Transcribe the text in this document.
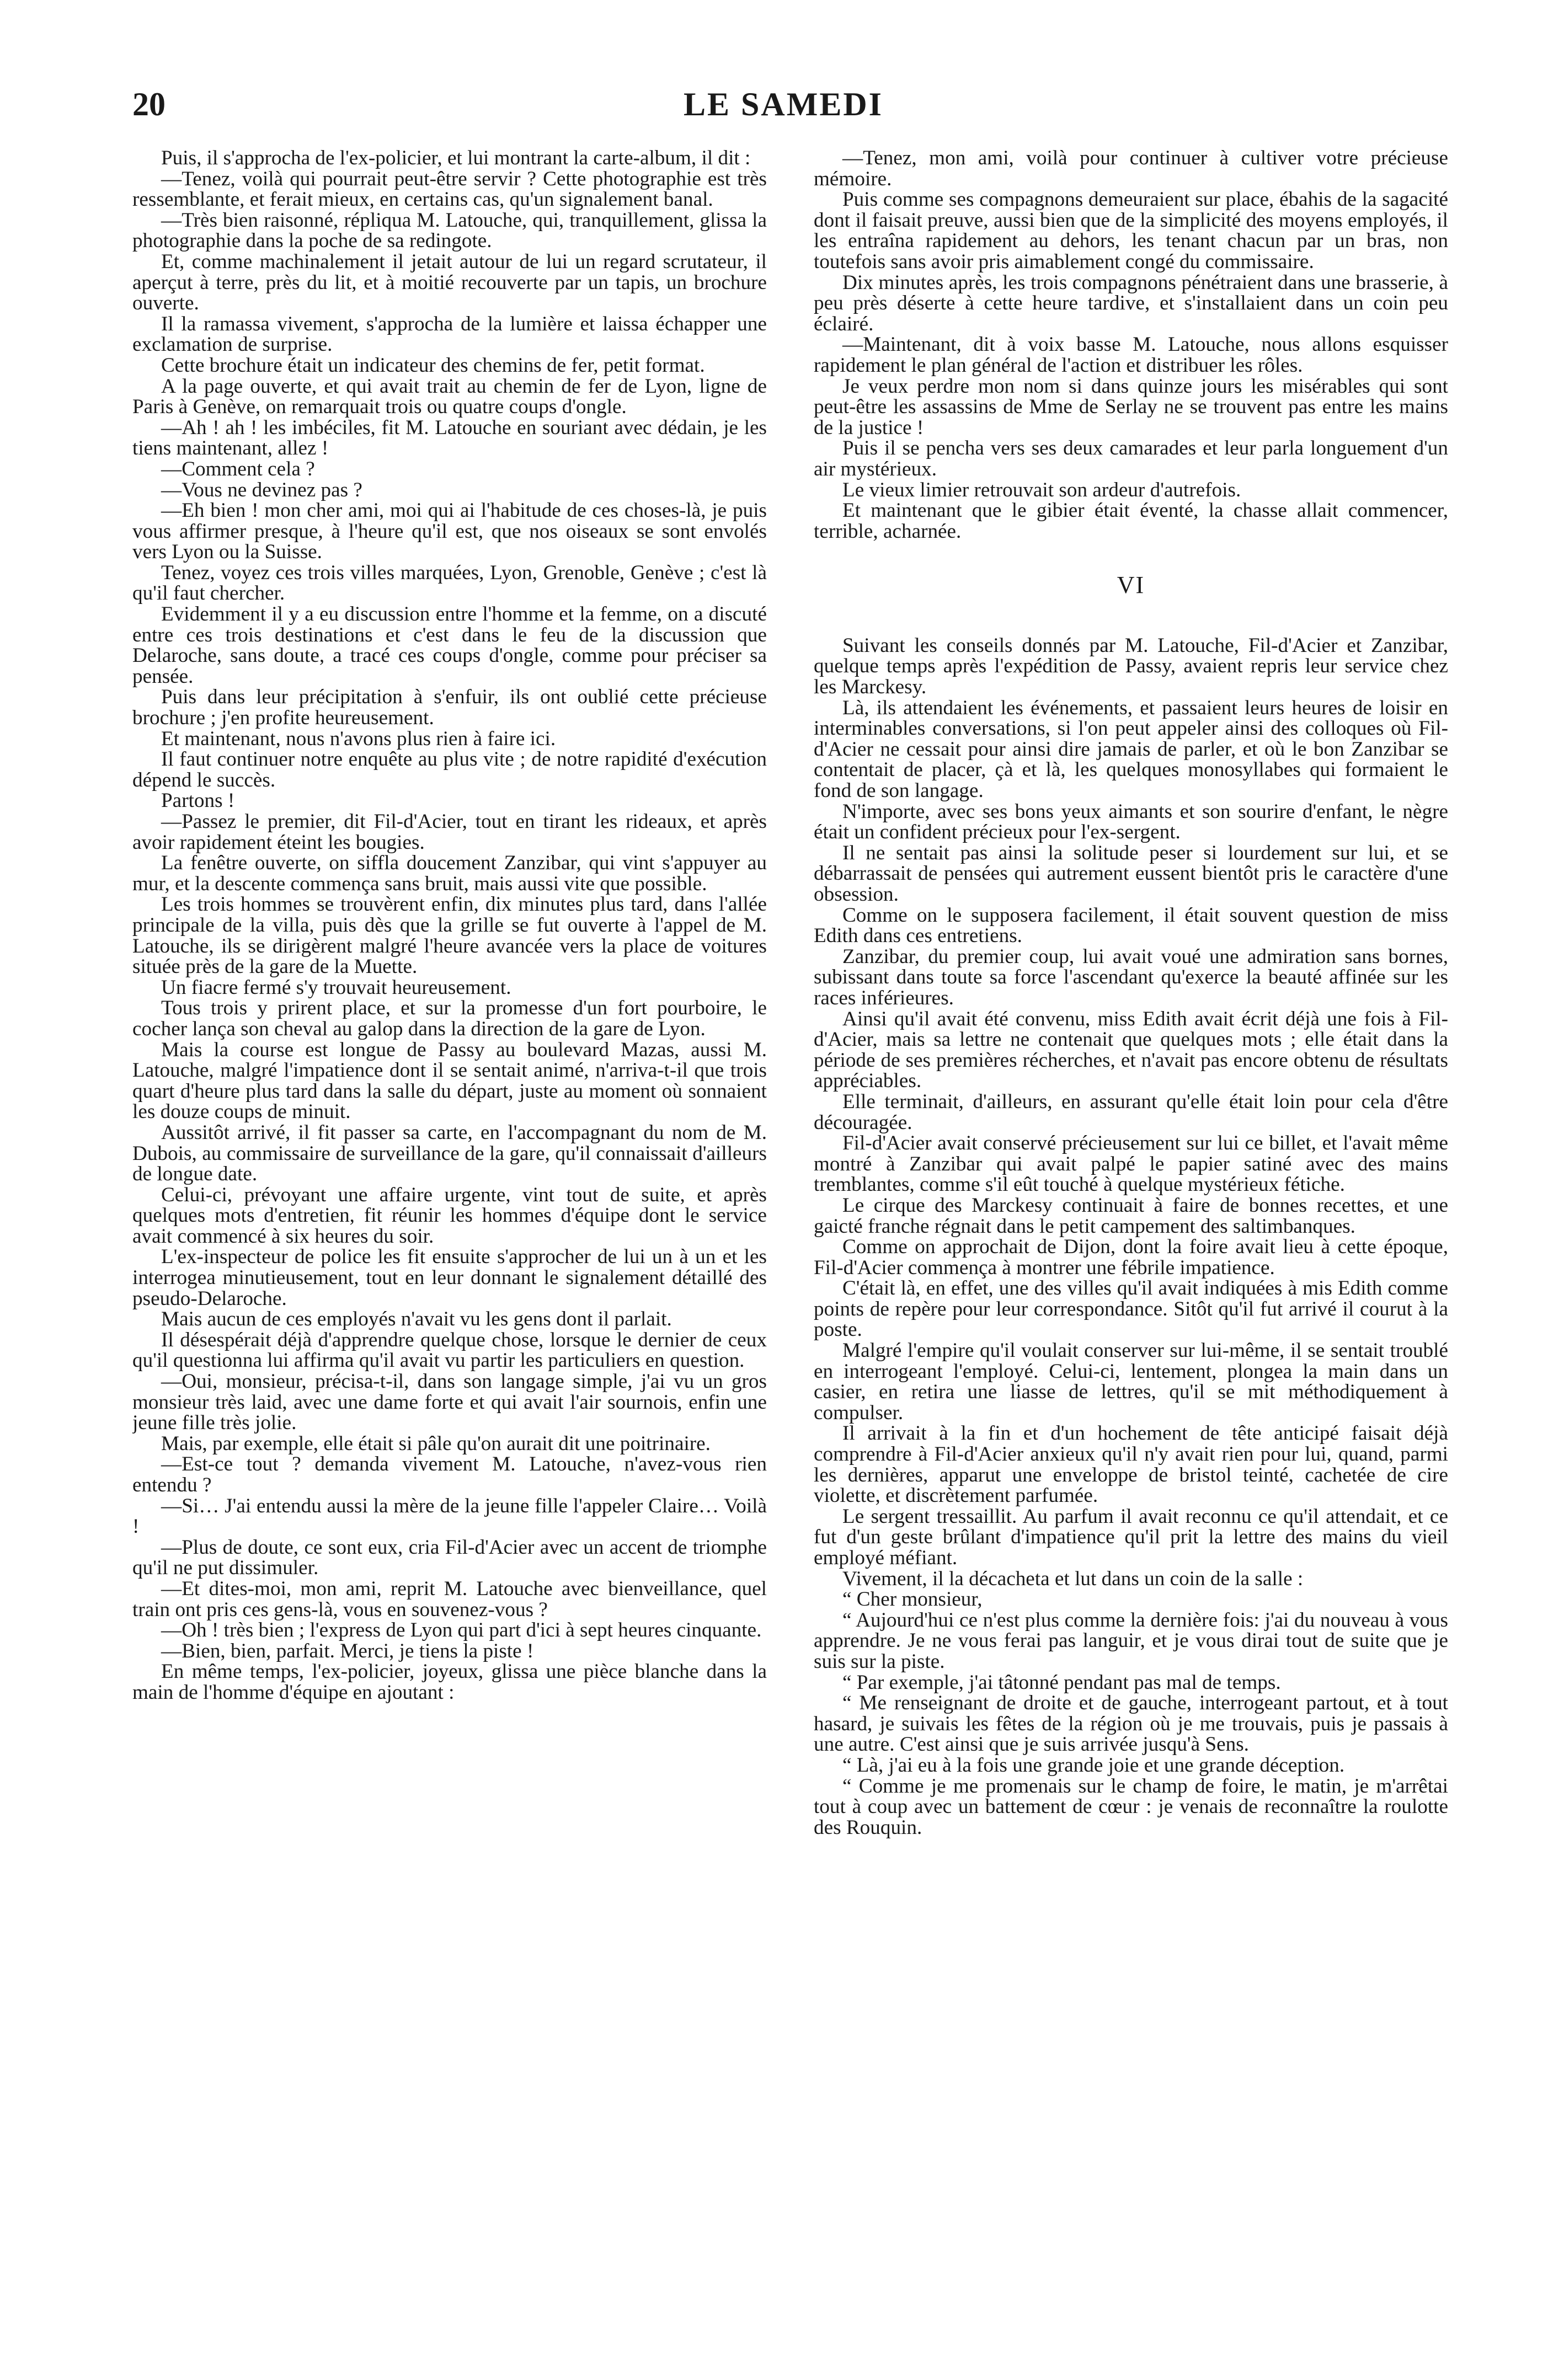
20	LE SAMEDI

Puis, il s'approcha de l'ex-policier, et lui montrant la carte-album, il dit :

—Tenez, voilà qui pourrait peut-être servir ? Cette photographie est très ressemblante, et ferait mieux, en certains cas, qu'un signalement banal.

—Très bien raisonné, répliqua M. Latouche, qui, tranquillement, glissa la photographie dans la poche de sa redingote.

Et, comme machinalement il jetait autour de lui un regard scrutateur, il aperçut à terre, près du lit, et à moitié recouverte par un tapis, un brochure ouverte.

Il la ramassa vivement, s'approcha de la lumière et laissa échapper une exclamation de surprise.

Cette brochure était un indicateur des chemins de fer, petit format.

A la page ouverte, et qui avait trait au chemin de fer de Lyon, ligne de Paris à Genève, on remarquait trois ou quatre coups d'ongle.

—Ah ! ah ! les imbéciles, fit M. Latouche en souriant avec dédain, je les tiens maintenant, allez !

—Comment cela ?

—Vous ne devinez pas ?

—Eh bien ! mon cher ami, moi qui ai l'habitude de ces choses-là, je puis vous affirmer presque, à l'heure qu'il est, que nos oiseaux se sont envolés vers Lyon ou la Suisse.

Tenez, voyez ces trois villes marquées, Lyon, Grenoble, Genève ; c'est là qu'il faut chercher.

Evidemment il y a eu discussion entre l'homme et la femme, on a discuté entre ces trois destinations et c'est dans le feu de la discussion que Delaroche, sans doute, a tracé ces coups d'ongle, comme pour préciser sa pensée.

Puis dans leur précipitation à s'enfuir, ils ont oublié cette précieuse brochure ; j'en profite heureusement.

Et maintenant, nous n'avons plus rien à faire ici.

Il faut continuer notre enquête au plus vite ; de notre rapidité d'exécution dépend le succès.

Partons !

—Passez le premier, dit Fil-d'Acier, tout en tirant les rideaux, et après avoir rapidement éteint les bougies.

La fenêtre ouverte, on siffla doucement Zanzibar, qui vint s'appuyer au mur, et la descente commença sans bruit, mais aussi vite que possible.

Les trois hommes se trouvèrent enfin, dix minutes plus tard, dans l'allée principale de la villa, puis dès que la grille se fut ouverte à l'appel de M. Latouche, ils se dirigèrent malgré l'heure avancée vers la place de voitures située près de la gare de la Muette.

Un fiacre fermé s'y trouvait heureusement.

Tous trois y prirent place, et sur la promesse d'un fort pourboire, le cocher lança son cheval au galop dans la direction de la gare de Lyon.

Mais la course est longue de Passy au boulevard Mazas, aussi M. Latouche, malgré l'impatience dont il se sentait animé, n'arriva-t-il que trois quart d'heure plus tard dans la salle du départ, juste au moment où sonnaient les douze coups de minuit.

Aussitôt arrivé, il fit passer sa carte, en l'accompagnant du nom de M. Dubois, au commissaire de surveillance de la gare, qu'il connaissait d'ailleurs de longue date.

Celui-ci, prévoyant une affaire urgente, vint tout de suite, et après quelques mots d'entretien, fit réunir les hommes d'équipe dont le service avait commencé à six heures du soir.

L'ex-inspecteur de police les fit ensuite s'approcher de lui un à un et les interrogea minutieusement, tout en leur donnant le signalement détaillé des pseudo-Delaroche.

Mais aucun de ces employés n'avait vu les gens dont il parlait.

Il désespérait déjà d'apprendre quelque chose, lorsque le dernier de ceux qu'il questionna lui affirma qu'il avait vu partir les particuliers en question.

—Oui, monsieur, précisa-t-il, dans son langage simple, j'ai vu un gros monsieur très laid, avec une dame forte et qui avait l'air sournois, enfin une jeune fille très jolie.

Mais, par exemple, elle était si pâle qu'on aurait dit une poitrinaire.

—Est-ce tout ? demanda vivement M. Latouche, n'avez-vous rien entendu ?

—Si… J'ai entendu aussi la mère de la jeune fille l'appeler Claire… Voilà !

—Plus de doute, ce sont eux, cria Fil-d'Acier avec un accent de triomphe qu'il ne put dissimuler.

—Et dites-moi, mon ami, reprit M. Latouche avec bienveillance, quel train ont pris ces gens-là, vous en souvenez-vous ?

—Oh ! très bien ; l'express de Lyon qui part d'ici à sept heures cinquante.

—Bien, bien, parfait. Merci, je tiens la piste !

En même temps, l'ex-policier, joyeux, glissa une pièce blanche dans la main de l'homme d'équipe en ajoutant :

—Tenez, mon ami, voilà pour continuer à cultiver votre précieuse mémoire.

Puis comme ses compagnons demeuraient sur place, ébahis de la sagacité dont il faisait preuve, aussi bien que de la simplicité des moyens employés, il les entraîna rapidement au dehors, les tenant chacun par un bras, non toutefois sans avoir pris aimablement congé du commissaire.

Dix minutes après, les trois compagnons pénétraient dans une brasserie, à peu près déserte à cette heure tardive, et s'installaient dans un coin peu éclairé.

—Maintenant, dit à voix basse M. Latouche, nous allons esquisser rapidement le plan général de l'action et distribuer les rôles.

Je veux perdre mon nom si dans quinze jours les misérables qui sont peut-être les assassins de Mme de Serlay ne se trouvent pas entre les mains de la justice !

Puis il se pencha vers ses deux camarades et leur parla longuement d'un air mystérieux.

Le vieux limier retrouvait son ardeur d'autrefois.

Et maintenant que le gibier était éventé, la chasse allait commencer, terrible, acharnée.

VI

Suivant les conseils donnés par M. Latouche, Fil-d'Acier et Zanzibar, quelque temps après l'expédition de Passy, avaient repris leur service chez les Marckesy.

Là, ils attendaient les événements, et passaient leurs heures de loisir en interminables conversations, si l'on peut appeler ainsi des colloques où Fil-d'Acier ne cessait pour ainsi dire jamais de parler, et où le bon Zanzibar se contentait de placer, çà et là, les quelques monosyllabes qui formaient le fond de son langage.

N'importe, avec ses bons yeux aimants et son sourire d'enfant, le nègre était un confident précieux pour l'ex-sergent.

Il ne sentait pas ainsi la solitude peser si lourdement sur lui, et se débarrassait de pensées qui autrement eussent bientôt pris le caractère d'une obsession.

Comme on le supposera facilement, il était souvent question de miss Edith dans ces entretiens.

Zanzibar, du premier coup, lui avait voué une admiration sans bornes, subissant dans toute sa force l'ascendant qu'exerce la beauté affinée sur les races inférieures.

Ainsi qu'il avait été convenu, miss Edith avait écrit déjà une fois à Fil-d'Acier, mais sa lettre ne contenait que quelques mots ; elle était dans la période de ses premières récherches, et n'avait pas encore obtenu de résultats appréciables.

Elle terminait, d'ailleurs, en assurant qu'elle était loin pour cela d'être découragée.

Fil-d'Acier avait conservé précieusement sur lui ce billet, et l'avait même montré à Zanzibar qui avait palpé le papier satiné avec des mains tremblantes, comme s'il eût touché à quelque mystérieux fétiche.

Le cirque des Marckesy continuait à faire de bonnes recettes, et une gaicté franche régnait dans le petit campement des saltimbanques.

Comme on approchait de Dijon, dont la foire avait lieu à cette époque, Fil-d'Acier commença à montrer une fébrile impatience.

C'était là, en effet, une des villes qu'il avait indiquées à mis Edith comme points de repère pour leur correspondance. Sitôt qu'il fut arrivé il courut à la poste.

Malgré l'empire qu'il voulait conserver sur lui-même, il se sentait troublé en interrogeant l'employé. Celui-ci, lentement, plongea la main dans un casier, en retira une liasse de lettres, qu'il se mit méthodiquement à compulser.

Il arrivait à la fin et d'un hochement de tête anticipé faisait déjà comprendre à Fil-d'Acier anxieux qu'il n'y avait rien pour lui, quand, parmi les dernières, apparut une enveloppe de bristol teinté, cachetée de cire violette, et discrètement parfumée.

Le sergent tressaillit. Au parfum il avait reconnu ce qu'il attendait, et ce fut d'un geste brûlant d'impatience qu'il prit la lettre des mains du vieil employé méfiant.

Vivement, il la décacheta et lut dans un coin de la salle :

“ Cher monsieur,

“ Aujourd'hui ce n'est plus comme la dernière fois: j'ai du nouveau à vous apprendre. Je ne vous ferai pas languir, et je vous dirai tout de suite que je suis sur la piste.

“ Par exemple, j'ai tâtonné pendant pas mal de temps.

“ Me renseignant de droite et de gauche, interrogeant partout, et à tout hasard, je suivais les fêtes de la région où je me trouvais, puis je passais à une autre. C'est ainsi que je suis arrivée jusqu'à Sens.

“ Là, j'ai eu à la fois une grande joie et une grande déception.

“ Comme je me promenais sur le champ de foire, le matin, je m'arrêtai tout à coup avec un battement de cœur : je venais de reconnaître la roulotte des Rouquin.
